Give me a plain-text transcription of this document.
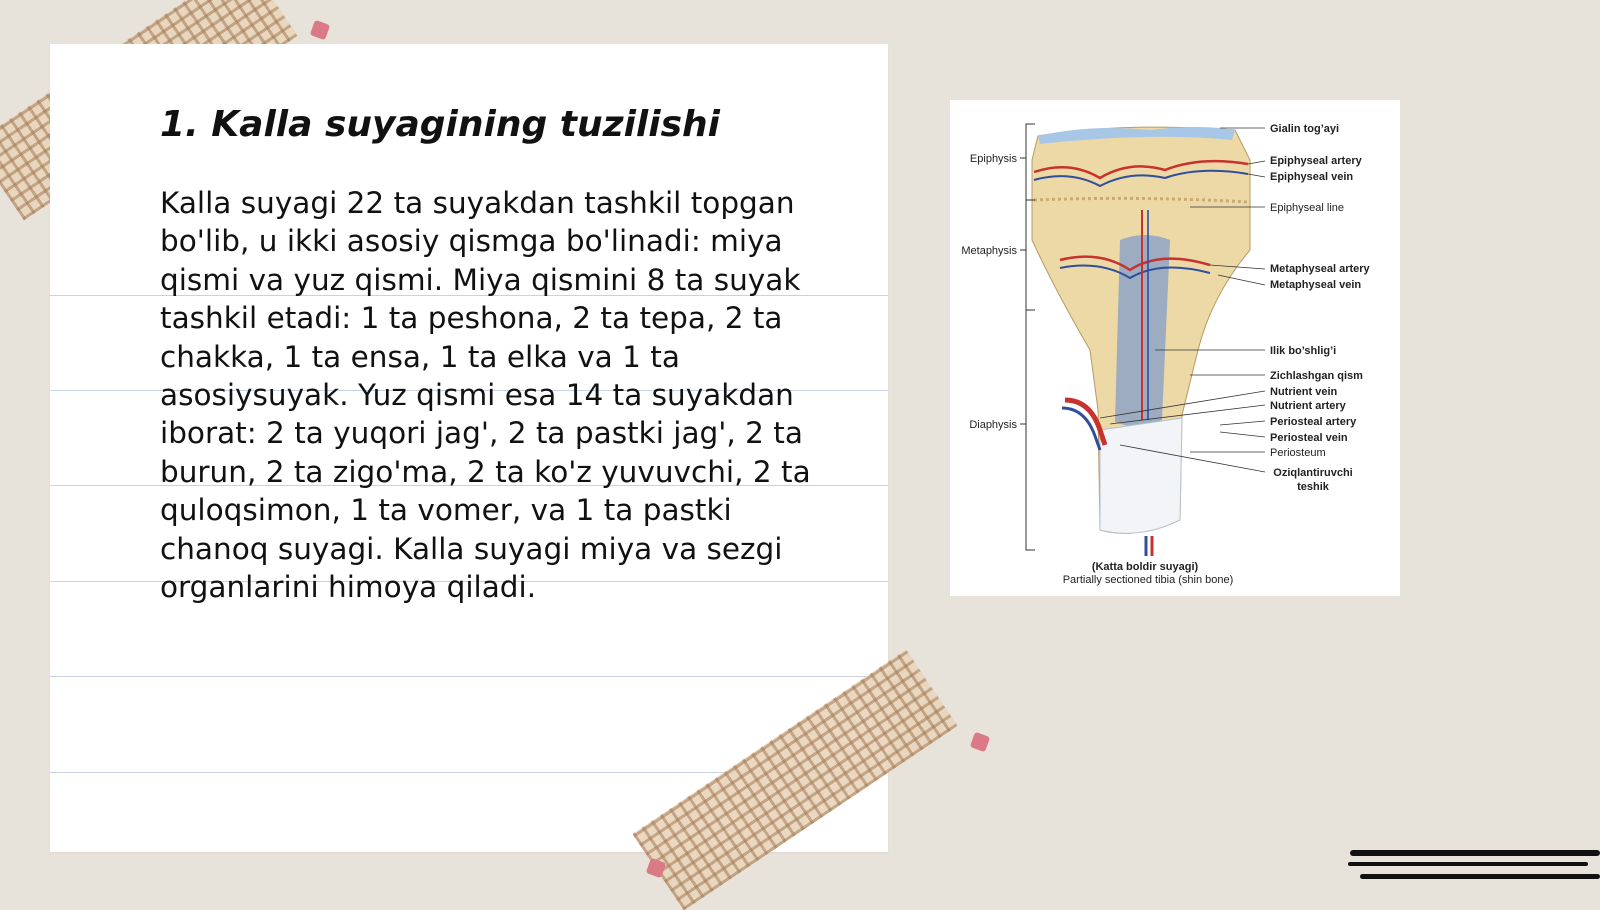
1. Kalla suyagining tuzilishi

Kalla suyagi 22 ta suyakdan tashkil topgan bo'lib, u ikki asosiy qismga bo'linadi: miya qismi va yuz qismi. Miya qismini 8 ta suyak tashkil etadi: 1 ta peshona, 2 ta tepa, 2 ta chakka, 1 ta ensa, 1 ta elka va 1 ta asosiysuyak. Yuz qismi esa 14 ta suyakdan iborat: 2 ta yuqori jag', 2 ta pastki jag', 2 ta burun, 2 ta zigo'ma, 2 ta ko'z yuvuvchi, 2 ta quloqsimon, 1 ta vomer, va 1 ta pastki chanoq suyagi. Kalla suyagi miya va sezgi organlarini himoya qiladi.

Epiphysis
Metaphysis
Diaphysis
Gialin tog’ayi
Epiphyseal artery
Epiphyseal vein
Epiphyseal line
Metaphyseal artery
Metaphyseal vein
Ilik bo’shlig’i
Zichlashgan qism
Nutrient vein
Nutrient artery
Periosteal artery
Periosteal vein
Periosteum
Oziqlantiruvchi
teshik
(Katta boldir suyagi)
Partially sectioned tibia (shin bone)
